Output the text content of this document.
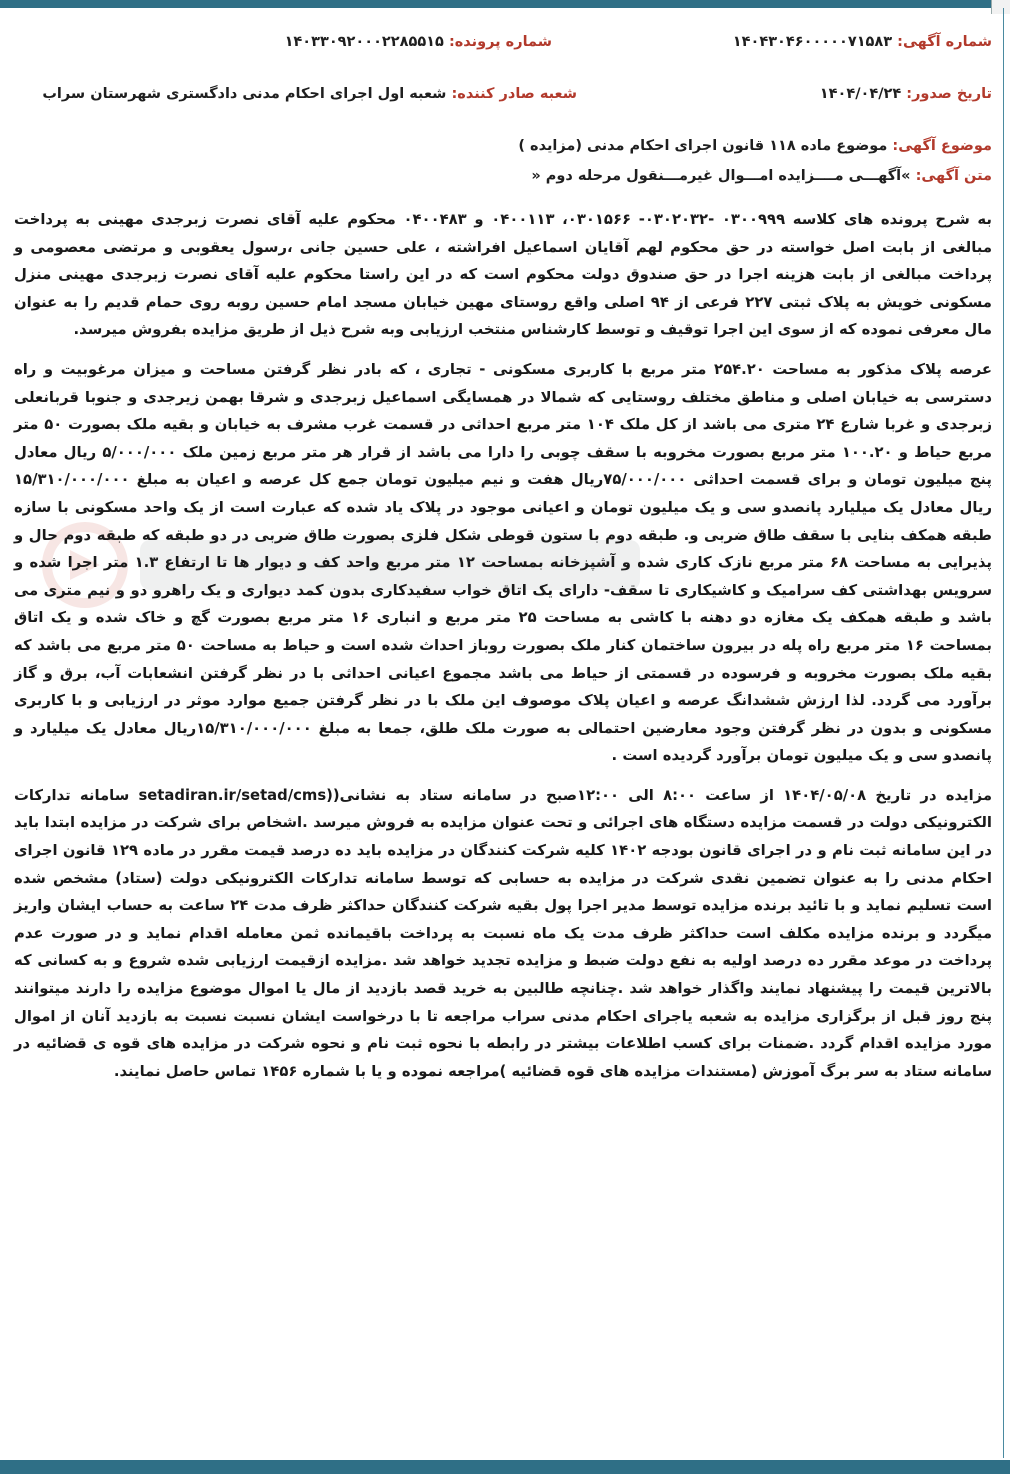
شماره آگهی: ۱۴۰۴۳۰۴۶۰۰۰۰۰۷۱۵۸۳
شماره پرونده: ۱۴۰۳۳۰۹۲۰۰۰۲۲۸۵۵۱۵
تاریخ صدور: ۱۴۰۴/۰۴/۲۴
شعبه صادر کننده: شعبه اول اجرای احکام مدنی دادگستری شهرستان سراب
موضوع آگهی: موضوع ماده ۱۱۸ قانون اجرای احکام مدنی (مزایده )
متن آگهی: »آگهـــی مــــزایده امـــوال غیرمـــنقول مرحله دوم «

به شرح پرونده های کلاسه ۰۳۰۰۹۹۹ -۰۳۰۲۰۳۲- ۰۳۰۱۵۶۶، ۰۴۰۰۱۱۳ و ۰۴۰۰۴۸۳ محکوم علیه آقای نصرت زبرجدی مهینی به پرداخت مبالغی از بابت اصل خواسته در حق محکوم لهم آقایان اسماعیل افراشته ، علی حسین جانی ،رسول یعقوبی و مرتضی معصومی و پرداخت مبالغی از بابت هزینه اجرا در حق صندوق دولت محکوم است که در این راستا محکوم علیه آقای نصرت زبرجدی مهینی منزل مسکونی خویش به پلاک ثبتی ۲۲۷ فرعی از ۹۴ اصلی واقع روستای مهین خیابان مسجد امام حسین روبه روی حمام قدیم را به عنوان مال معرفی نموده که از سوی این اجرا توقیف و توسط کارشناس منتخب ارزیابی وبه شرح ذیل از طریق مزایده بفروش میرسد.

عرصه پلاک مذکور به مساحت ۲۵۴.۲۰ متر مربع با کاربری مسکونی - تجاری ، که بادر نظر گرفتن مساحت و میزان مرغوبیت و راه دسترسی به خیابان اصلی و مناطق مختلف روستایی که شمالا در همسایگی اسماعیل زبرجدی و شرقا بهمن زیرجدی و جنوبا قربانعلی زبرجدی و غربا شارع ۲۴ متری می باشد از کل ملک ۱۰۴ متر مربع احداثی در قسمت غرب مشرف به خیابان و بقیه ملک بصورت ۵۰ متر مربع حیاط و ۱۰۰.۲۰ متر مربع بصورت مخروبه با سقف چوبی را دارا می باشد از قرار هر متر مربع زمین ملک ۵/۰۰۰/۰۰۰ ریال معادل پنج میلیون تومان و برای قسمت احداثی ۷۵/۰۰۰/۰۰۰ریال هفت و نیم میلیون تومان جمع کل عرصه و اعیان به مبلغ ۱۵/۳۱۰/۰۰۰/۰۰۰ ریال معادل یک میلیارد پانصدو سی و یک میلیون تومان و اعیانی موجود در پلاک یاد شده که عبارت است از یک واحد مسکونی با سازه طبقه همکف بنایی با سقف طاق ضربی و. طبقه دوم با ستون قوطی شکل فلزی بصورت طاق ضربی در دو طبقه که طبقه دوم حال و پذیرایی به مساحت ۶۸ متر مربع نازک کاری شده و آشپزخانه بمساحت ۱۲ متر مربع واحد کف و دیوار ها تا ارتفاع ۱.۳ متر اجرا شده و سرویس بهداشتی کف سرامیک و کاشیکاری تا سقف- دارای یک اتاق خواب سفیدکاری بدون کمد دیواری و یک راهرو دو و نیم متری می باشد و طبقه همکف یک مغازه دو دهنه با کاشی به مساحت ۲۵ متر مربع و انباری ۱۶ متر مربع بصورت گچ و خاک شده و یک اتاق بمساحت ۱۶ متر مربع راه پله در بیرون ساختمان کنار ملک بصورت روباز احداث شده است و حیاط به مساحت ۵۰ متر مربع می باشد که بقیه ملک بصورت مخروبه و فرسوده در قسمتی از حیاط می باشد مجموع اعیانی احداثی با در نظر گرفتن انشعابات آب، برق و گاز برآورد می گردد. لذا ارزش ششدانگ عرصه و اعیان پلاک موصوف این ملک با در نظر گرفتن جمیع موارد موثر در ارزیابی و با کاربری مسکونی و بدون در نظر گرفتن وجود معارضین احتمالی به صورت ملک طلق، جمعا به مبلغ ۱۵/۳۱۰/۰۰۰/۰۰۰ریال معادل یک میلیارد و پانصدو سی و یک میلیون تومان برآورد گردیده است .

مزایده در تاریخ ۱۴۰۴/۰۵/۰۸ از ساعت ۸:۰۰ الی ۱۲:۰۰صبح در سامانه ستاد به نشانی((setadiran.ir/setad/cms سامانه تدارکات الکترونیکی دولت در قسمت مزایده دستگاه های اجرائی و تحت عنوان مزایده به فروش میرسد .اشخاص برای شرکت در مزایده ابتدا باید در این سامانه ثبت نام و در اجرای قانون بودجه ۱۴۰۲ کلیه شرکت کنندگان در مزایده باید ده درصد قیمت مقرر در ماده ۱۲۹ قانون اجرای احکام مدنی را به عنوان تضمین نقدی شرکت در مزایده به حسابی که توسط سامانه تدارکات الکترونیکی دولت (ستاد) مشخص شده است تسلیم نماید و با تائید برنده مزایده توسط مدیر اجرا پول بقیه شرکت کنندگان حداکثر ظرف مدت ۲۴ ساعت به حساب ایشان واریز میگردد و برنده مزایده مکلف است حداکثر ظرف مدت یک ماه نسبت به پرداخت باقیمانده ثمن معامله اقدام نماید و در صورت عدم پرداخت در موعد مقرر ده درصد اولیه به نفع دولت ضبط و مزایده تجدید خواهد شد .مزایده ازقیمت ارزیابی شده شروع و به کسانی که بالاترین قیمت را پیشنهاد نمایند واگذار خواهد شد .چنانچه طالبین به خرید قصد بازدید از مال یا اموال موضوع مزایده را دارند میتوانند پنج روز قبل از برگزاری مزایده به شعبه یاجرای احکام مدنی سراب مراجعه تا با درخواست ایشان نسبت نسبت به بازدید آنان از اموال مورد مزایده اقدام گردد .ضمنات برای کسب اطلاعات بیشتر در رابطه با نحوه ثبت نام و نحوه شرکت در مزایده های قوه ی قضائیه در سامانه ستاد به سر برگ آموزش (مستندات مزایده های قوه قضائیه )مراجعه نموده و یا با شماره ۱۴۵۶ تماس حاصل نمایند.
